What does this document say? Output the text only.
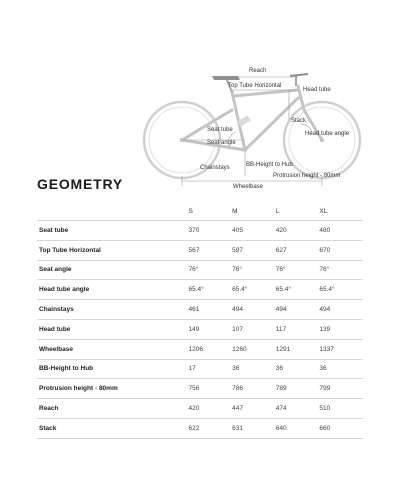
Reach
Top Tube Horizontal
Head tube
Stack
Head tube angle
Seat tube
Seat angle
Chainstays	BB-Height to Hub
Protrusion height - 80mm
Wheelbase
GEOMETRY
	S	M	L	XL
Seat tube	370	405	420	480
Top Tube Horizontal	567	597	627	670
Seat angle	76°	76°	76°	76°
Head tube angle	65.4°	65.4°	65.4°	65.4°
Chainstays	461	494	494	494
Head tube	149	107	117	139
Wheelbase	1206	1260	1291	1337
BB-Height to Hub	17	36	36	36
Protrusion height - 80mm	756	786	789	799
Reach	420	447	474	510
Stack	622	631	640	660
